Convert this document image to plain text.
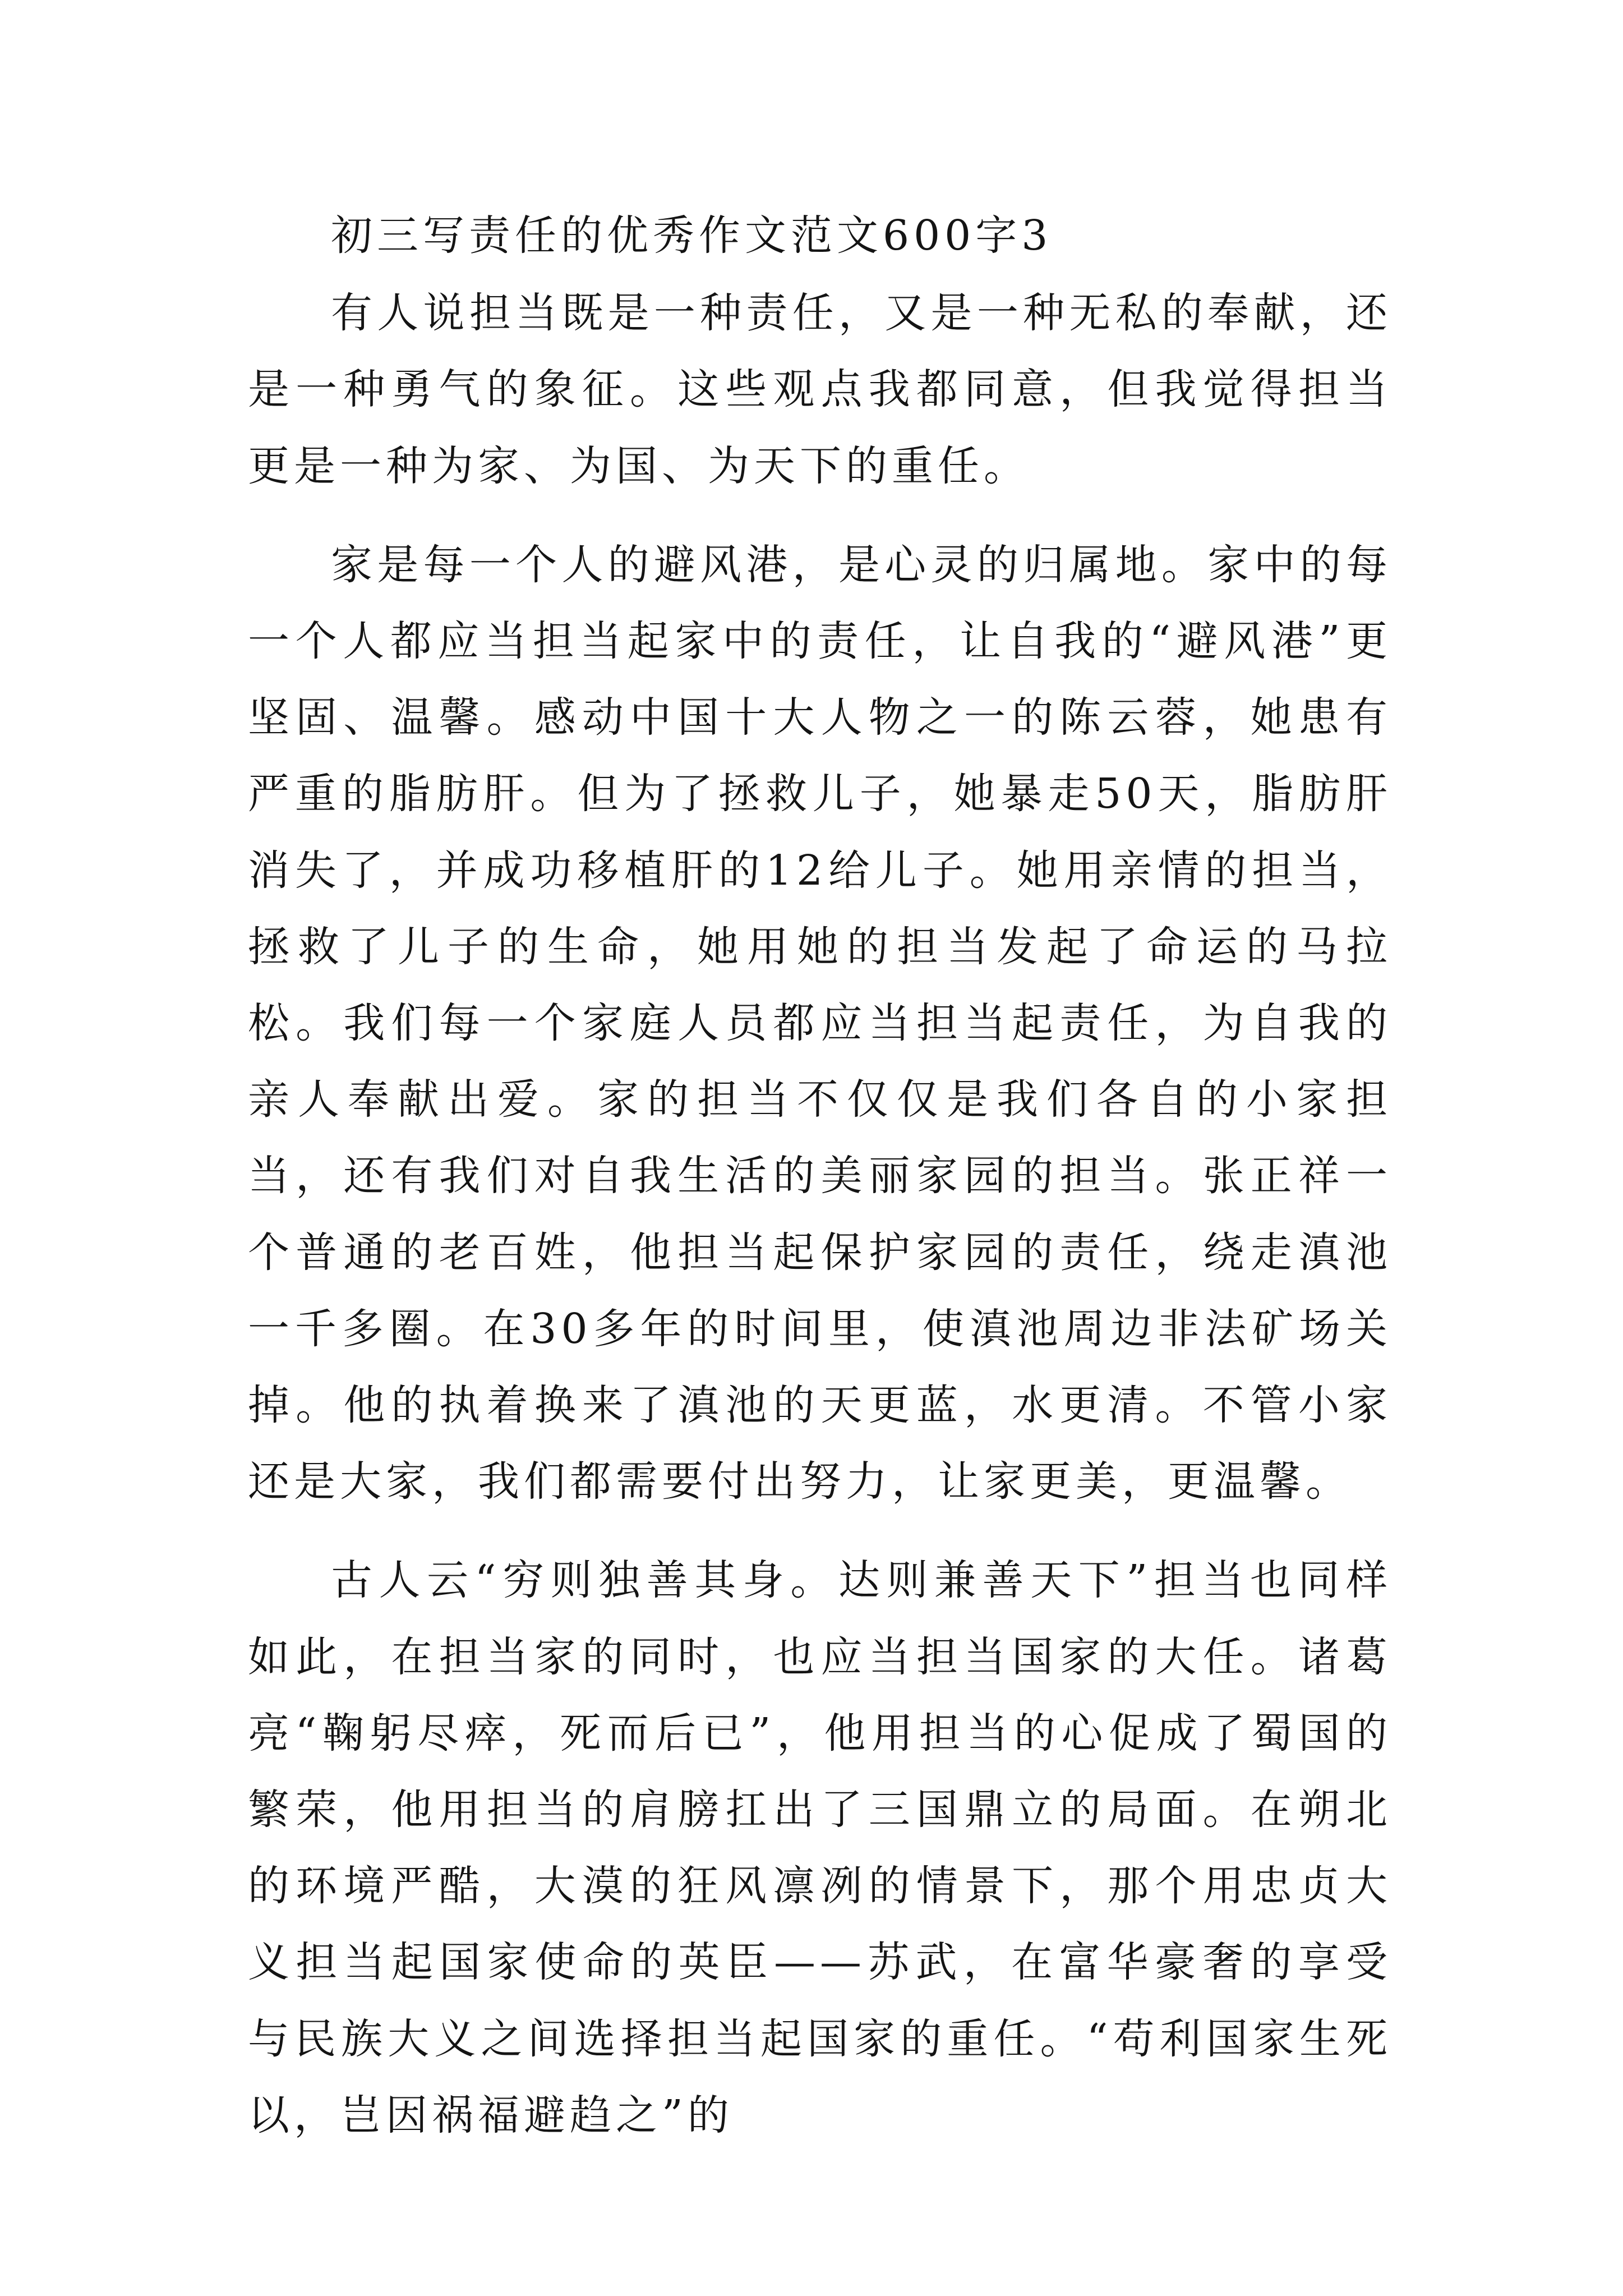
初三写责任的优秀作文范文600字3

有人说担当既是一种责任，又是一种无私的奉献，还是一种勇气的象征。这些观点我都同意，但我觉得担当更是一种为家、为国、为天下的重任。

家是每一个人的避风港，是心灵的归属地。家中的每一个人都应当担当起家中的责任，让自我的“避风港”更坚固、温馨。感动中国十大人物之一的陈云蓉，她患有严重的脂肪肝。但为了拯救儿子，她暴走50天，脂肪肝消失了，并成功移植肝的12给儿子。她用亲情的担当，拯救了儿子的生命，她用她的担当发起了命运的马拉松。我们每一个家庭人员都应当担当起责任，为自我的亲人奉献出爱。家的担当不仅仅是我们各自的小家担当，还有我们对自我生活的美丽家园的担当。张正祥一个普通的老百姓，他担当起保护家园的责任，绕走滇池一千多圈。在30多年的时间里，使滇池周边非法矿场关掉。他的执着换来了滇池的天更蓝，水更清。不管小家还是大家，我们都需要付出努力，让家更美，更温馨。

古人云“穷则独善其身。达则兼善天下”担当也同样如此，在担当家的同时，也应当担当国家的大任。诸葛亮“鞠躬尽瘁，死而后已”，他用担当的心促成了蜀国的繁荣，他用担当的肩膀扛出了三国鼎立的局面。在朔北的环境严酷，大漠的狂风凛冽的情景下，那个用忠贞大义担当起国家使命的英臣——苏武，在富华豪奢的享受与民族大义之间选择担当起国家的重任。“苟利国家生死以，岂因祸福避趋之”的
